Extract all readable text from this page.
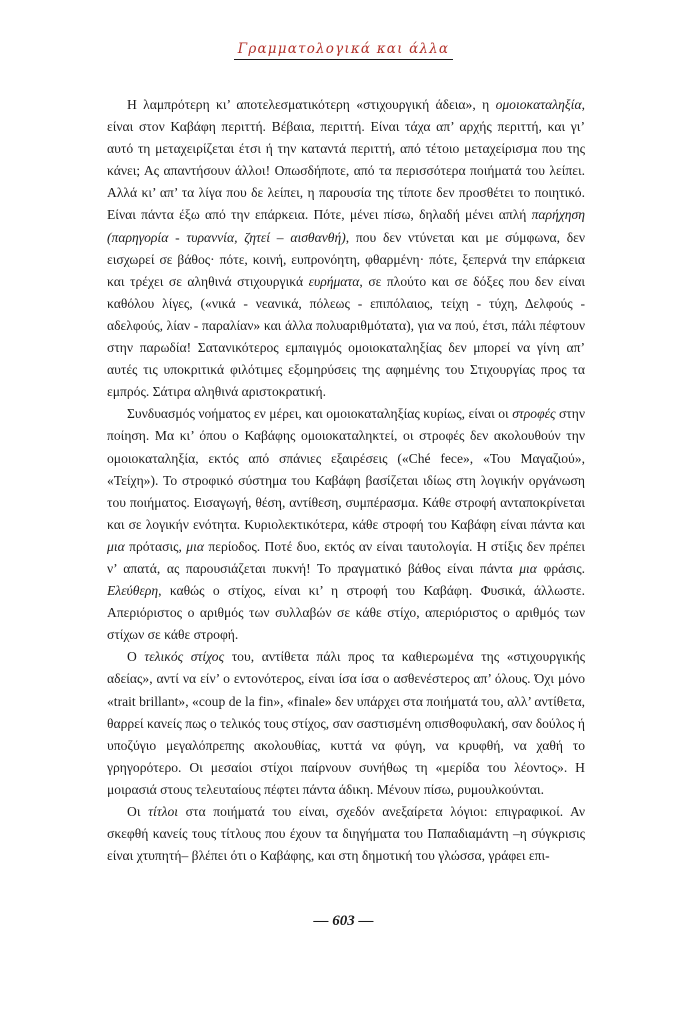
Γραμματολογικά και άλλα

Η λαμπρότερη κι’ αποτελεσματικότερη «στιχουργική άδεια», η ομοιοκαταληξία, είναι στον Καβάφη περιττή. Βέβαια, περιττή. Είναι τάχα απ’ αρχής περιττή, και γι’ αυτό τη μεταχειρίζεται έτσι ή την καταντά περιττή, από τέτοιο μεταχείρισμα που της κάνει; Ας απαντήσουν άλλοι! Οπωσδήποτε, από τα περισσότερα ποιήματά του λείπει. Αλλά κι’ απ’ τα λίγα που δε λείπει, η παρουσία της τίποτε δεν προσθέτει το ποιητικό. Είναι πάντα έξω από την επάρκεια. Πότε, μένει πίσω, δηλαδή μένει απλή παρήχηση (παρηγορία - τυραννία, ζητεί – αισθανθή), που δεν ντύνεται και με σύμφωνα, δεν εισχωρεί σε βάθος· πότε, κοινή, ευπρονόητη, φθαρμένη· πότε, ξεπερνά την επάρκεια και τρέχει σε αληθινά στιχουργικά ευρήματα, σε πλούτο και σε δόξες που δεν είναι καθόλου λίγες, («νικά - νεανικά, πόλεως - επιπόλαιος, τείχη - τύχη, Δελφούς - αδελφούς, λίαν - παραλίαν» και άλλα πολυαριθμότατα), για να πού, έτσι, πάλι πέφτουν στην παρωδία! Σατανικότερος εμπαιγμός ομοιοκαταληξίας δεν μπορεί να γίνη απ’ αυτές τις υποκριτικά φιλότιμες εξομηρύσεις της αφημένης του Στιχουργίας προς τα εμπρός. Σάτιρα αληθινά αριστοκρατική.

Συνδυασμός νοήματος εν μέρει, και ομοιοκαταληξίας κυρίως, είναι οι στροφές στην ποίηση. Μα κι’ όπου ο Καβάφης ομοιοκαταληκτεί, οι στροφές δεν ακολουθούν την ομοιοκαταληξία, εκτός από σπάνιες εξαιρέσεις («Ché fece», «Του Μαγαζιού», «Τείχη»). Το στροφικό σύστημα του Καβάφη βασίζεται ιδίως στη λογικήν οργάνωση του ποιήματος. Εισαγωγή, θέση, αντίθεση, συμπέρασμα. Κάθε στροφή ανταποκρίνεται και σε λογικήν ενότητα. Κυριολεκτικότερα, κάθε στροφή του Καβάφη είναι πάντα και μια πρότασις, μια περίοδος. Ποτέ δυο, εκτός αν είναι ταυτολογία. Η στίξις δεν πρέπει ν’ απατά, ας παρουσιάζεται πυκνή! Το πραγματικό βάθος είναι πάντα μια φράσις. Ελεύθερη, καθώς ο στίχος, είναι κι’ η στροφή του Καβάφη. Φυσικά, άλλωστε. Απεριόριστος ο αριθμός των συλλαβών σε κάθε στίχο, απεριόριστος ο αριθμός των στίχων σε κάθε στροφή.

Ο τελικός στίχος του, αντίθετα πάλι προς τα καθιερωμένα της «στιχουργικής αδείας», αντί να είν’ ο εντονότερος, είναι ίσα ίσα ο ασθενέστερος απ’ όλους. Όχι μόνο «trait brillant», «coup de la fin», «finale» δεν υπάρχει στα ποιήματά του, αλλ’ αντίθετα, θαρρεί κανείς πως ο τελικός τους στίχος, σαν σαστισμένη οπισθοφυλακή, σαν δούλος ή υποζύγιο μεγαλόπρεπης ακολουθίας, κυττά να φύγη, να κρυφθή, να χαθή το γρηγορότερο. Οι μεσαίοι στίχοι παίρνουν συνήθως τη «μερίδα του λέοντος». Η μοιρασιά στους τελευταίους πέφτει πάντα άδικη. Μένουν πίσω, ρυμουλκούνται.

Οι τίτλοι στα ποιήματά του είναι, σχεδόν ανεξαίρετα λόγιοι: επιγραφικοί. Αν σκεφθή κανείς τους τίτλους που έχουν τα διηγήματα του Παπαδιαμάντη –η σύγκρισις είναι χτυπητή– βλέπει ότι ο Καβάφης, και στη δημοτική του γλώσσα, γράφει επι-

— 603 —
